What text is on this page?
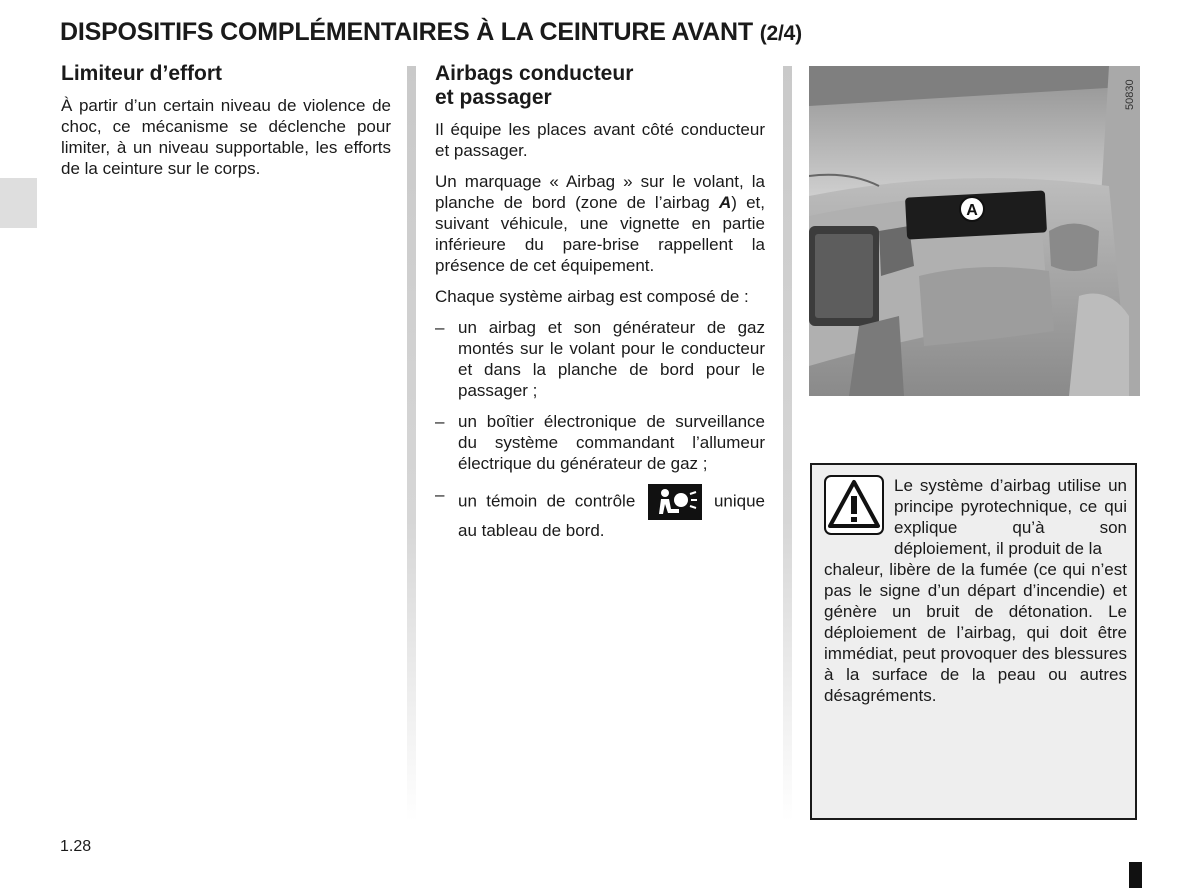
DISPOSITIFS COMPLÉMENTAIRES À LA CEINTURE AVANT (2/4)
Limiteur d’effort

À partir d’un certain niveau de violence de choc, ce mécanisme se déclenche pour limiter, à un niveau supportable, les efforts de la ceinture sur le corps.

Airbags conducteur
et passager

Il équipe les places avant côté conducteur et passager.

Un marquage « Airbag » sur le volant, la planche de bord (zone de l’airbag A) et, suivant véhicule, une vignette en partie inférieure du pare-brise rappellent la présence de cet équipement.

Chaque système airbag est composé de :

– un airbag et son générateur de gaz montés sur le volant pour le conducteur et dans la planche de bord pour le passager ;
– un boîtier électronique de surveillance du système commandant l’allumeur électrique du générateur de gaz ;
– un témoin de contrôle	unique au tableau de bord.
A
50830
Le système d’airbag utilise un principe pyrotechnique, ce qui explique qu’à son déploiement, il produit de la
chaleur, libère de la fumée (ce qui n’est pas le signe d’un départ d’incendie) et génère un bruit de détonation. Le déploiement de l’airbag, qui doit être immédiat, peut provoquer des blessures à la surface de la peau ou autres désagréments.
1.28
